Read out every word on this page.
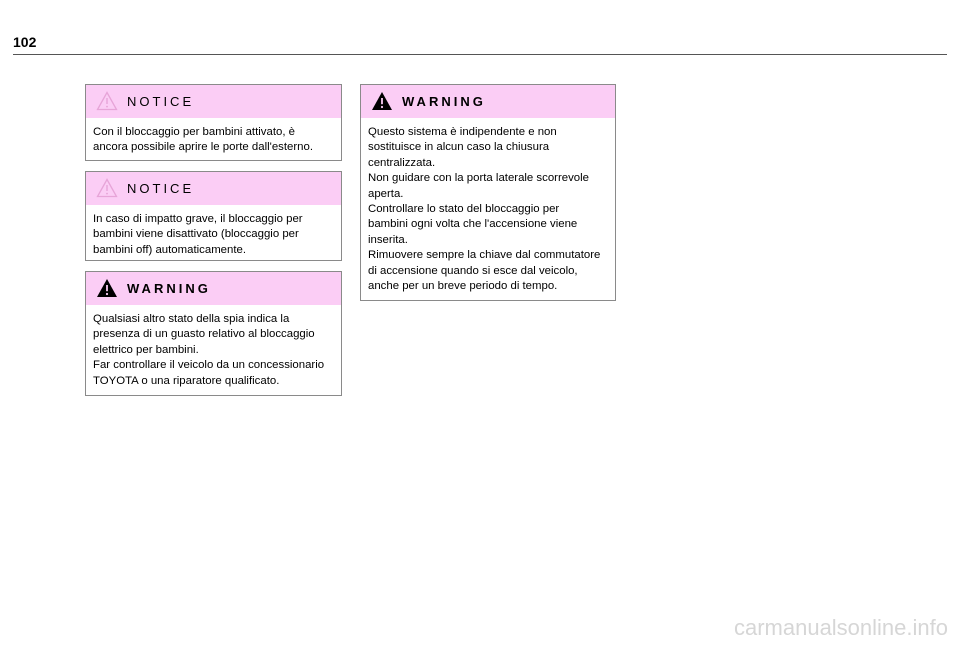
102
NOTICE

Con il bloccaggio per bambini attivato, è

ancora possibile aprire le porte dall'esterno.

NOTICE

In caso di impatto grave, il bloccaggio per

bambini viene disattivato (bloccaggio per

bambini off) automaticamente.

WARNING

Qualsiasi altro stato della spia indica la

presenza di un guasto relativo al bloccaggio

elettrico per bambini.

Far controllare il veicolo da un concessionario

TOYOTA o una riparatore qualificato.

WARNING

Questo sistema è indipendente e non

sostituisce in alcun caso la chiusura

centralizzata.

Non guidare con la porta laterale scorrevole

aperta.

Controllare lo stato del bloccaggio per

bambini ogni volta che l'accensione viene

inserita.

Rimuovere sempre la chiave dal commutatore

di accensione quando si esce dal veicolo,

anche per un breve periodo di tempo.

carmanualsonline.info
